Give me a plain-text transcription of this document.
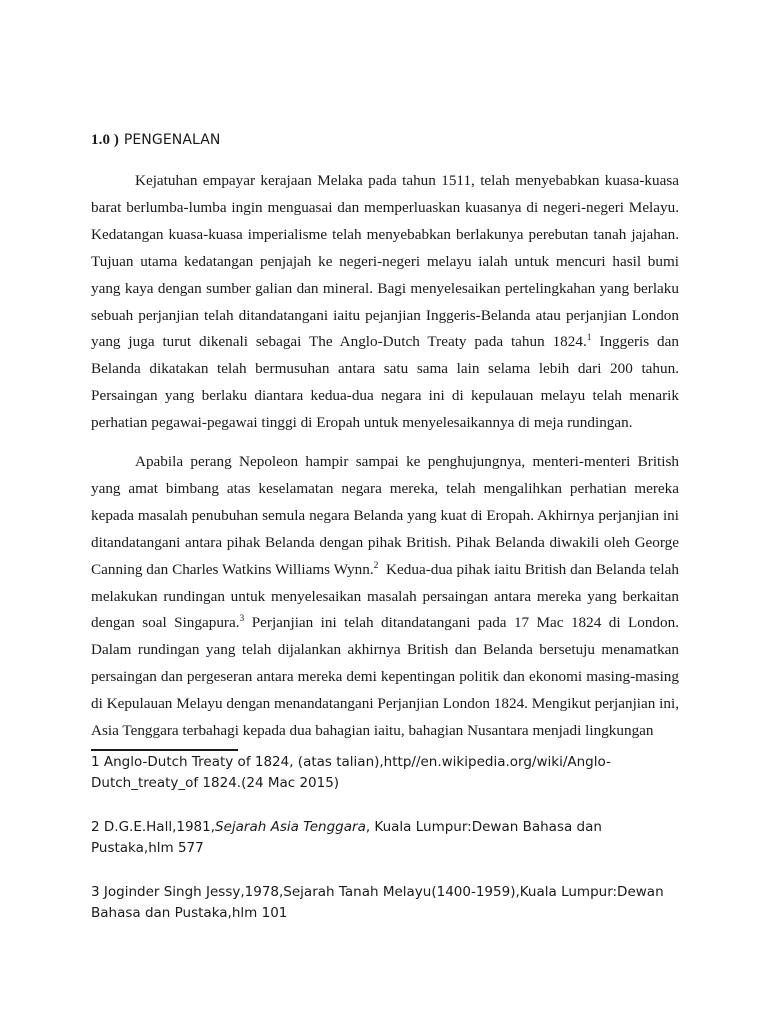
1.0 ) PENGENALAN

Kejatuhan empayar kerajaan Melaka pada tahun 1511, telah menyebabkan kuasa-kuasa barat berlumba-lumba ingin menguasai dan memperluaskan kuasanya di negeri-negeri Melayu. Kedatangan kuasa-kuasa imperialisme telah menyebabkan berlakunya perebutan tanah jajahan. Tujuan utama kedatangan penjajah ke negeri-negeri melayu ialah untuk mencuri hasil bumi yang kaya dengan sumber galian dan mineral. Bagi menyelesaikan pertelingkahan yang berlaku sebuah perjanjian telah ditandatangani iaitu pejanjian Inggeris-Belanda atau perjanjian London yang juga turut dikenali sebagai The Anglo-Dutch Treaty pada tahun 1824.$^1$ Inggeris dan Belanda dikatakan telah bermusuhan antara satu sama lain selama lebih dari 200 tahun. Persaingan yang berlaku diantara kedua-dua negara ini di kepulauan melayu telah menarik perhatian pegawai-pegawai tinggi di Eropah untuk menyelesaikannya di meja rundingan.

Apabila perang Nepoleon hampir sampai ke penghujungnya, menteri-menteri British yang amat bimbang atas keselamatan negara mereka, telah mengalihkan perhatian mereka kepada masalah penubuhan semula negara Belanda yang kuat di Eropah. Akhirnya perjanjian ini ditandatangani antara pihak Belanda dengan pihak British. Pihak Belanda diwakili oleh George Canning dan Charles Watkins Williams Wynn.$^2$  Kedua-dua pihak iaitu British dan Belanda telah melakukan rundingan untuk menyelesaikan masalah persaingan antara mereka yang berkaitan dengan soal Singapura.$^3$ Perjanjian ini telah ditandatangani pada 17 Mac 1824 di London. Dalam rundingan yang telah dijalankan akhirnya British dan Belanda bersetuju menamatkan persaingan dan pergeseran antara mereka demi kepentingan politik dan ekonomi masing-masing di Kepulauan Melayu dengan menandatangani Perjanjian London 1824. Mengikut perjanjian ini, Asia Tenggara terbahagi kepada dua bahagian iaitu, bahagian Nusantara menjadi lingkungan

1 Anglo-Dutch Treaty of 1824, (atas talian),http//en.wikipedia.org/wiki/Anglo-Dutch_treaty_of 1824.(24 Mac 2015)

2 D.G.E.Hall,1981,Sejarah Asia Tenggara, Kuala Lumpur:Dewan Bahasa dan Pustaka,hlm 577

3 Joginder Singh Jessy,1978,Sejarah Tanah Melayu(1400-1959),Kuala Lumpur:Dewan Bahasa dan Pustaka,hlm 101
